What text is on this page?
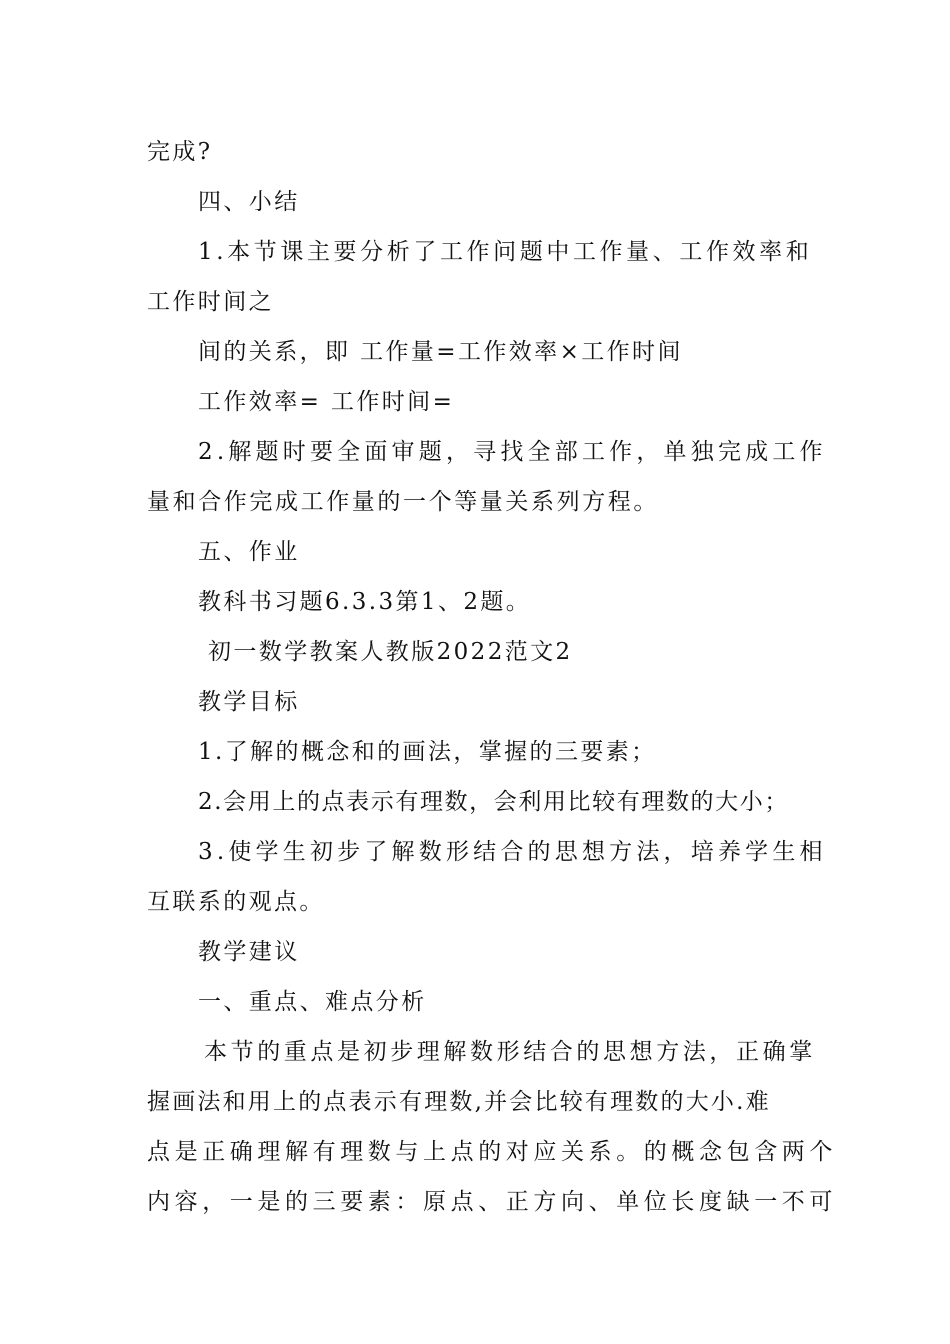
完成?
四、小结
1.本节课主要分析了工作问题中工作量、工作效率和
工作时间之
间的关系，即 工作量=工作效率×工作时间
工作效率= 工作时间=
2.解题时要全面审题，寻找全部工作，单独完成工作
量和合作完成工作量的一个等量关系列方程。
五、作业
教科书习题6.3.3第1、2题。
初一数学教案人教版2022范文2
教学目标
1.了解的概念和的画法，掌握的三要素；
2.会用上的点表示有理数，会利用比较有理数的大小；
3.使学生初步了解数形结合的思想方法，培养学生相
互联系的观点。
教学建议
一、重点、难点分析
本节的重点是初步理解数形结合的思想方法，正确掌
握画法和用上的点表示有理数,并会比较有理数的大小.难
点是正确理解有理数与上点的对应关系。的概念包含两个
内容，一是的三要素：原点、正方向、单位长度缺一不可
